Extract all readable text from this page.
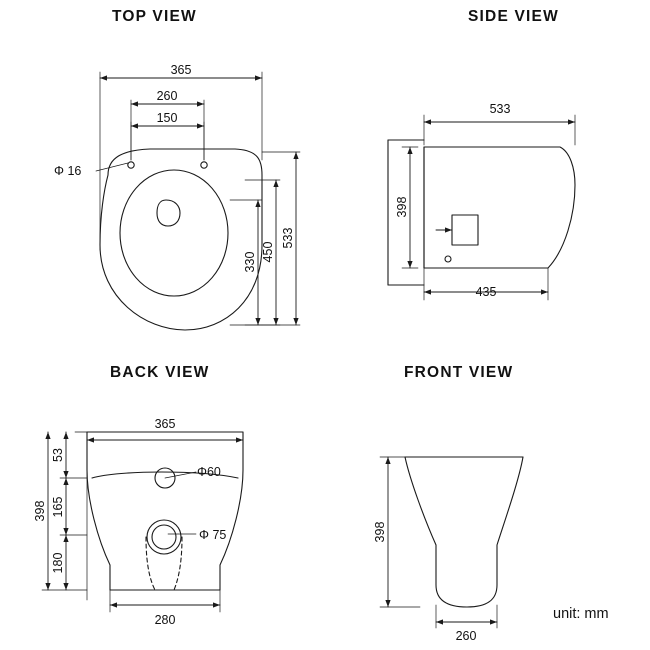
TOP VIEW	SIDE VIEW
BACK VIEW	FRONT VIEW
unit: mm
365
260
150
Φ 16
533
450
330
533
398
435
365
398
53
165
180
Φ60
Φ 75
280
398
260
